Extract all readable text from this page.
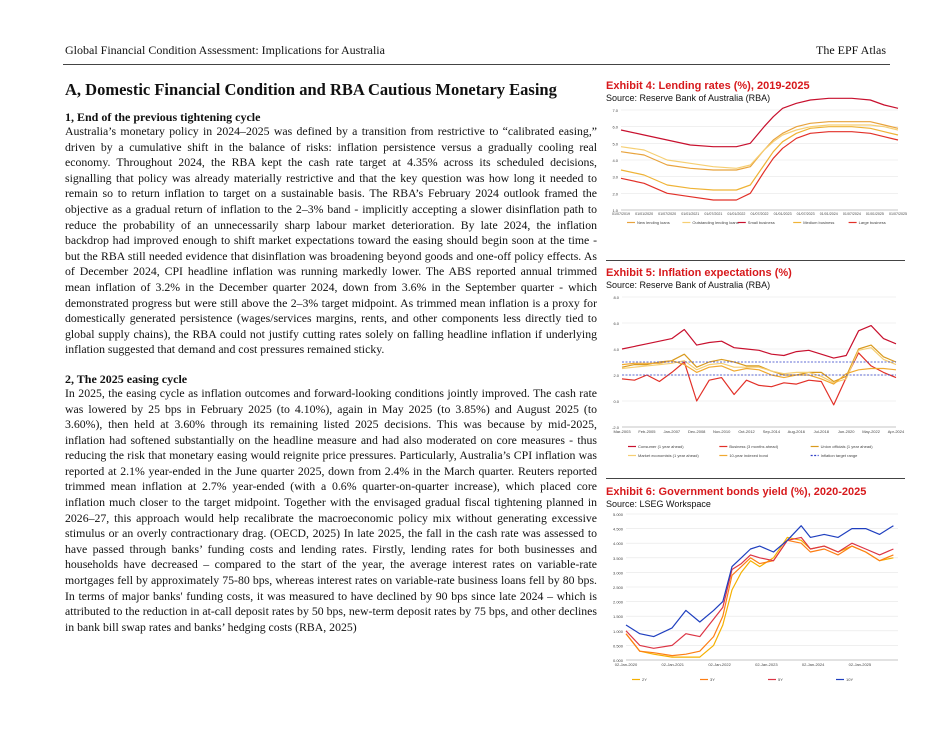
Global Financial Condition Assessment: Implications for Australia	The EPF Atlas
A, Domestic Financial Condition and RBA Cautious Monetary Easing
1, End of the previous tightening cycle

Australia’s monetary policy in 2024–2025 was defined by a transition from restrictive to “calibrated easing,” driven by a cumulative shift in the balance of risks: inflation persistence versus a gradually cooling real economy. Throughout 2024, the RBA kept the cash rate target at 4.35% across its scheduled decisions, signalling that policy was already materially restrictive and that the key question was how long it needed to remain so to return inflation to target on a sustainable basis. The RBA’s February 2024 outlook framed the objective as a gradual return of inflation to the 2–3% band - implicitly accepting a slower disinflation path to reduce the probability of an unnecessarily sharp labour market deterioration. By late 2024, the inflation backdrop had improved enough to shift market expectations toward the easing should begin soon at the time - but the RBA still needed evidence that disinflation was broadening beyond goods and one-off policy effects. As of December 2024, CPI headline inflation was running markedly lower. The ABS reported annual trimmed mean inflation of 3.2% in the December quarter 2024, down from 3.6% in the September quarter - which demonstrated progress but were still above the 2–3% target midpoint. As trimmed mean inflation is a proxy for domestically generated persistence (wages/services margins, rents, and other components less directly tied to global supply chains), the RBA could not justify cutting rates solely on falling headline inflation if underlying inflation suggested that demand and cost pressures remained sticky.

2, The 2025 easing cycle

In 2025, the easing cycle as inflation outcomes and forward-looking conditions jointly improved. The cash rate was lowered by 25 bps in February 2025 (to 4.10%), again in May 2025 (to 3.85%) and August 2025 (to 3.60%), then held at 3.60% through its remaining listed 2025 decisions. This was because by mid-2025, inflation had softened substantially on the headline measure and had also moderated on core measures - thus reducing the risk that monetary easing would reignite price pressures. Particularly, Australia’s CPI inflation was reported at 2.1% year-ended in the June quarter 2025, down from 2.4% in the March quarter. Reuters reported trimmed mean inflation at 2.7% year-ended (with a 0.6% quarter-on-quarter increase), which placed core inflation much closer to the target midpoint. Together with the envisaged gradual fiscal tightening planned in 2026–27, this approach would help recalibrate the macroeconomic policy mix without generating excessive stimulus or an overly contractionary drag. (OECD, 2025) In late 2025, the fall in the cash rate was assessed to have passed through banks’ funding costs and lending rates. Firstly, lending rates for both businesses and households have decreased – compared to the start of the year, the average interest rates on variable-rate mortgages fell by approximately 75-80 bps, whereas interest rates on variable-rate business loans fell by 80 bps. In terms of major banks' funding costs, it was measured to have declined by 90 bps since late 2024 – which is attributed to the reduction in at-call deposit rates by 50 bps, new-term deposit rates by 75 bps, and other declines in bank bill swap rates and banks’ hedging costs (RBA, 2025)

Exhibit 4: Lending rates (%), 2019-2025
Source: Reserve Bank of Australia (RBA)
7.0
6.0
5.0
4.0
3.0
2.0
1.0
01/07/2019 01/01/2020 01/07/2020 01/01/2021 01/07/2021 01/01/2022 01/07/2022 01/01/2023 01/07/2023 01/01/2024 01/07/2024 01/01/2025 01/07/2025
New lending loans	Outstanding lending loans Small business	Medium business	Large business
Exhibit 5: Inflation expectations (%)
Source: Reserve Bank of Australia (RBA)
8.0
6.0
4.0
2.0
0.0
-2.0
Mar-2003 Feb-2005 Jan-2007 Dec-2008 Nov-2010 Oct-2012 Sep-2014 Aug-2016 Jul-2018 Jun-2020 May-2022 Apr-2024
Consumer (1 year ahead)	Business (3 months ahead)	Union officials (1 year ahead)
Market economists (1 year ahead)	10-year indexed bond	Inflation target range
Exhibit 6: Government bonds yield (%), 2020-2025
Source: LSEG Workspace
5.000
4.500
4.000
3.500
3.000
2.500
2.000
1.500
1.000
0.500
0.000
02-Jan-2020	02-Jan-2021	02-Jan-2022	02-Jan-2023	02-Jan-2024	02-Jan-2025
2Y	3Y	5Y	10Y
